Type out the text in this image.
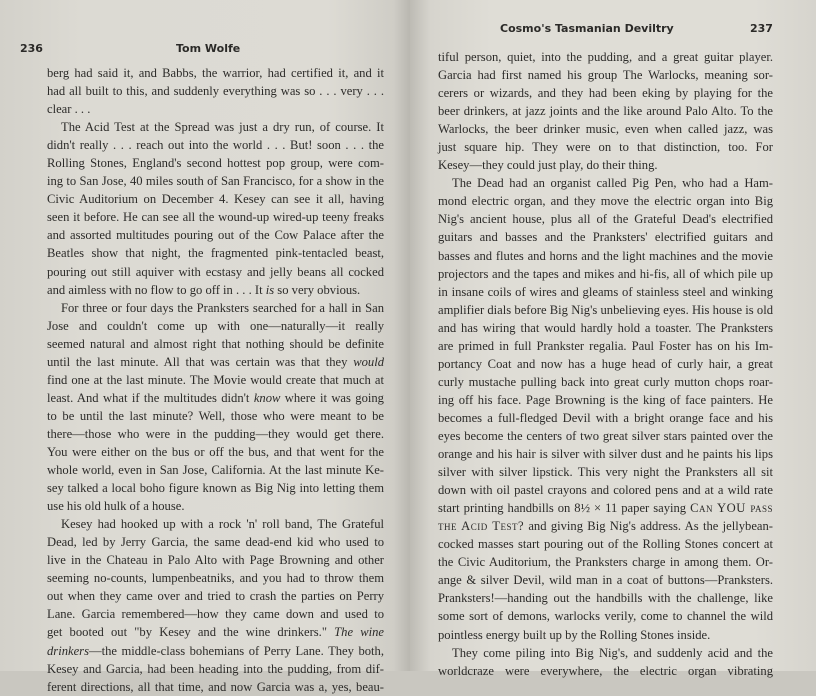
236	Tom Wolfe
berg had said it, and Babbs, the warrior, had certified it, and it
had all built to this, and suddenly everything was so . . . very . . .
clear . . .
The Acid Test at the Spread was just a dry run, of course. It
didn't really . . . reach out into the world . . . But! soon . . . the
Rolling Stones, England's second hottest pop group, were com-
ing to San Jose, 40 miles south of San Francisco, for a show in the
Civic Auditorium on December 4. Kesey can see it all, having
seen it before. He can see all the wound-up wired-up teeny freaks
and assorted multitudes pouring out of the Cow Palace after the
Beatles show that night, the fragmented pink-tentacled beast,
pouring out still aquiver with ecstasy and jelly beans all cocked
and aimless with no flow to go off in . . . It is so very obvious.
For three or four days the Pranksters searched for a hall in San
Jose and couldn't come up with one—naturally—it really
seemed natural and almost right that nothing should be definite
until the last minute. All that was certain was that they would
find one at the last minute. The Movie would create that much at
least. And what if the multitudes didn't know where it was going
to be until the last minute? Well, those who were meant to be
there—those who were in the pudding—they would get there.
You were either on the bus or off the bus, and that went for the
whole world, even in San Jose, California. At the last minute Ke-
sey talked a local boho figure known as Big Nig into letting them
use his old hulk of a house.
Kesey had hooked up with a rock 'n' roll band, The Grateful
Dead, led by Jerry Garcia, the same dead-end kid who used to
live in the Chateau in Palo Alto with Page Browning and other
seeming no-counts, lumpenbeatniks, and you had to throw them
out when they came over and tried to crash the parties on Perry
Lane. Garcia remembered—how they came down and used to
get booted out "by Kesey and the wine drinkers." The wine
drinkers—the middle-class bohemians of Perry Lane. They both,
Kesey and Garcia, had been heading into the pudding, from dif-
ferent directions, all that time, and now Garcia was a, yes, beau-
Cosmo's Tasmanian Deviltry	237
tiful person, quiet, into the pudding, and a great guitar player.
Garcia had first named his group The Warlocks, meaning sor-
cerers or wizards, and they had been eking by playing for the
beer drinkers, at jazz joints and the like around Palo Alto. To the
Warlocks, the beer drinker music, even when called jazz, was
just square hip. They were on to that distinction, too. For
Kesey—they could just play, do their thing.
The Dead had an organist called Pig Pen, who had a Ham-
mond electric organ, and they move the electric organ into Big
Nig's ancient house, plus all of the Grateful Dead's electrified
guitars and basses and the Pranksters' electrified guitars and
basses and flutes and horns and the light machines and the movie
projectors and the tapes and mikes and hi-fis, all of which pile up
in insane coils of wires and gleams of stainless steel and winking
amplifier dials before Big Nig's unbelieving eyes. His house is old
and has wiring that would hardly hold a toaster. The Pranksters
are primed in full Prankster regalia. Paul Foster has on his Im-
portancy Coat and now has a huge head of curly hair, a great
curly mustache pulling back into great curly mutton chops roar-
ing off his face. Page Browning is the king of face painters. He
becomes a full-fledged Devil with a bright orange face and his
eyes become the centers of two great silver stars painted over the
orange and his hair is silver with silver dust and he paints his lips
silver with silver lipstick. This very night the Pranksters all sit
down with oil pastel crayons and colored pens and at a wild rate
start printing handbills on 8½ × 11 paper saying Can YOU pass
the Acid Test? and giving Big Nig's address. As the jellybean-
cocked masses start pouring out of the Rolling Stones concert at
the Civic Auditorium, the Pranksters charge in among them. Or-
ange & silver Devil, wild man in a coat of buttons—Pranksters.
Pranksters!—handing out the handbills with the challenge, like
some sort of demons, warlocks verily, come to channel the wild
pointless energy built up by the Rolling Stones inside.
They come piling into Big Nig's, and suddenly acid and the
worldcraze were everywhere, the electric organ vibrating
